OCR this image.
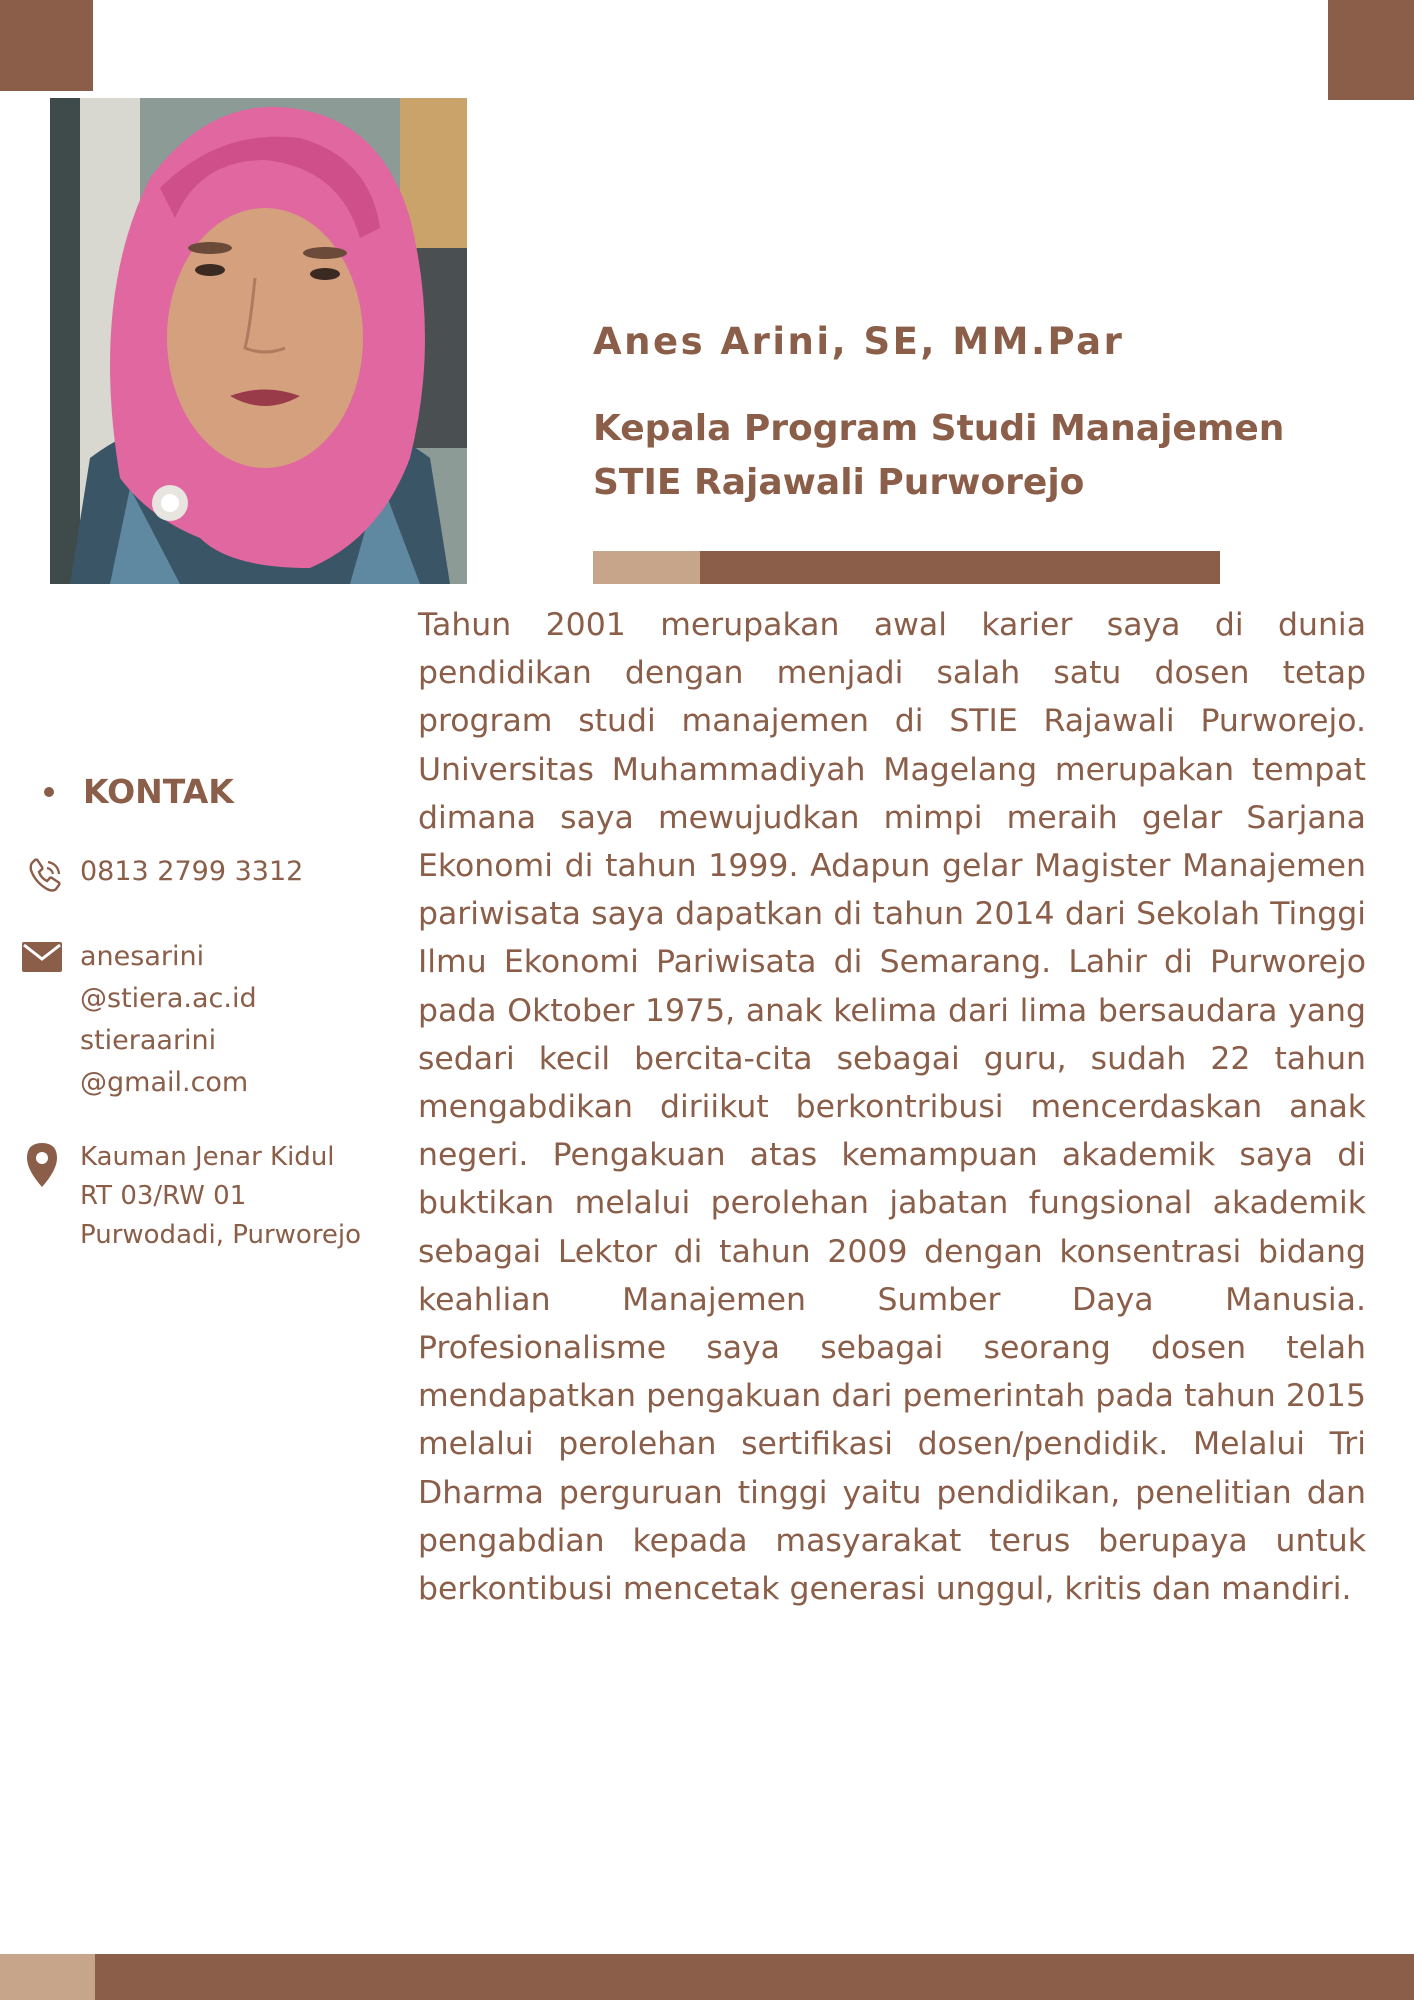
Anes Arini, SE, MM.Par
Kepala Program Studi Manajemen
STIE Rajawali Purworejo

Tahun 2001 merupakan awal karier saya di dunia pendidikan dengan menjadi salah satu dosen tetap program studi manajemen di STIE Rajawali Purworejo. Universitas Muhammadiyah Magelang merupakan tempat dimana saya mewujudkan mimpi meraih gelar Sarjana Ekonomi di tahun 1999. Adapun gelar Magister Manajemen pariwisata saya dapatkan di tahun 2014 dari Sekolah Tinggi Ilmu Ekonomi Pariwisata di Semarang. Lahir di Purworejo pada Oktober 1975, anak kelima dari lima bersaudara yang sedari kecil bercita-cita sebagai guru, sudah 22 tahun mengabdikan diriikut berkontribusi mencerdaskan anak negeri. Pengakuan atas kemampuan akademik saya di buktikan melalui perolehan jabatan fungsional akademik sebagai Lektor di tahun 2009 dengan konsentrasi bidang keahlian Manajemen Sumber Daya Manusia. Profesionalisme saya sebagai seorang dosen telah mendapatkan pengakuan dari pemerintah pada tahun 2015 melalui perolehan sertifikasi dosen/pendidik. Melalui Tri Dharma perguruan tinggi yaitu pendidikan, penelitian dan pengabdian kepada masyarakat terus berupaya untuk berkontibusi mencetak generasi unggul, kritis dan mandiri.

KONTAK

0813 2799 3312

anesarini
@stiera.ac.id
stieraarini
@gmail.com

Kauman Jenar Kidul
RT 03/RW 01
Purwodadi, Purworejo
